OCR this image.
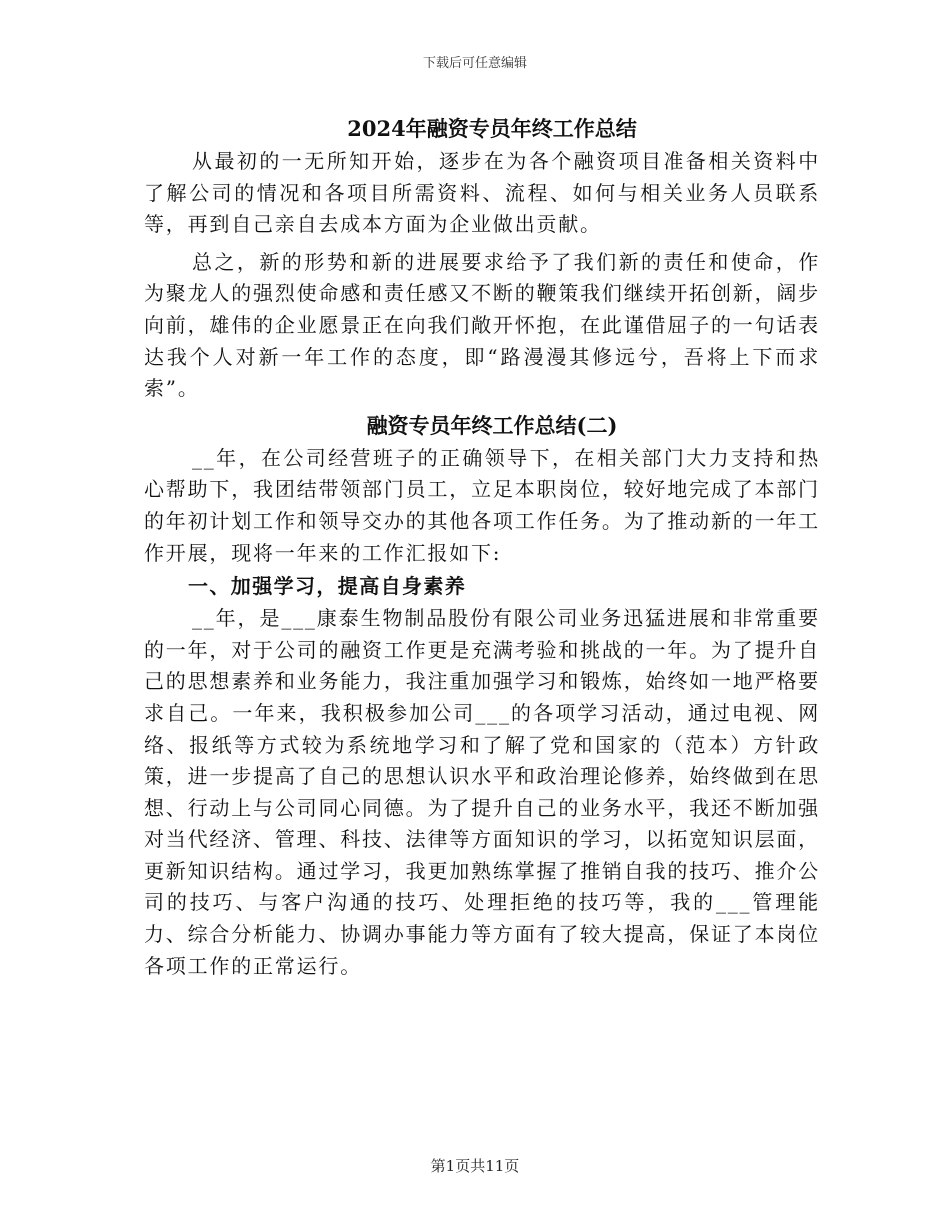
下载后可任意编辑

2024年融资专员年终工作总结

从最初的一无所知开始，逐步在为各个融资项目准备相关资料中了解公司的情况和各项目所需资料、流程、如何与相关业务人员联系等，再到自己亲自去成本方面为企业做出贡献。

总之，新的形势和新的进展要求给予了我们新的责任和使命，作为聚龙人的强烈使命感和责任感又不断的鞭策我们继续开拓创新，阔步向前，雄伟的企业愿景正在向我们敞开怀抱，在此谨借屈子的一句话表达我个人对新一年工作的态度，即“路漫漫其修远兮，吾将上下而求索”。

融资专员年终工作总结(二)

__年，在公司经营班子的正确领导下，在相关部门大力支持和热心帮助下，我团结带领部门员工，立足本职岗位，较好地完成了本部门的年初计划工作和领导交办的其他各项工作任务。为了推动新的一年工作开展，现将一年来的工作汇报如下:

一、加强学习，提高自身素养

__年，是___康泰生物制品股份有限公司业务迅猛进展和非常重要的一年，对于公司的融资工作更是充满考验和挑战的一年。为了提升自己的思想素养和业务能力，我注重加强学习和锻炼，始终如一地严格要求自己。一年来，我积极参加公司___的各项学习活动，通过电视、网络、报纸等方式较为系统地学习和了解了党和国家的（范本）方针政策，进一步提高了自己的思想认识水平和政治理论修养，始终做到在思想、行动上与公司同心同德。为了提升自己的业务水平，我还不断加强对当代经济、管理、科技、法律等方面知识的学习，以拓宽知识层面，更新知识结构。通过学习，我更加熟练掌握了推销自我的技巧、推介公司的技巧、与客户沟通的技巧、处理拒绝的技巧等，我的___管理能力、综合分析能力、协调办事能力等方面有了较大提高，保证了本岗位各项工作的正常运行。

第1页共11页
